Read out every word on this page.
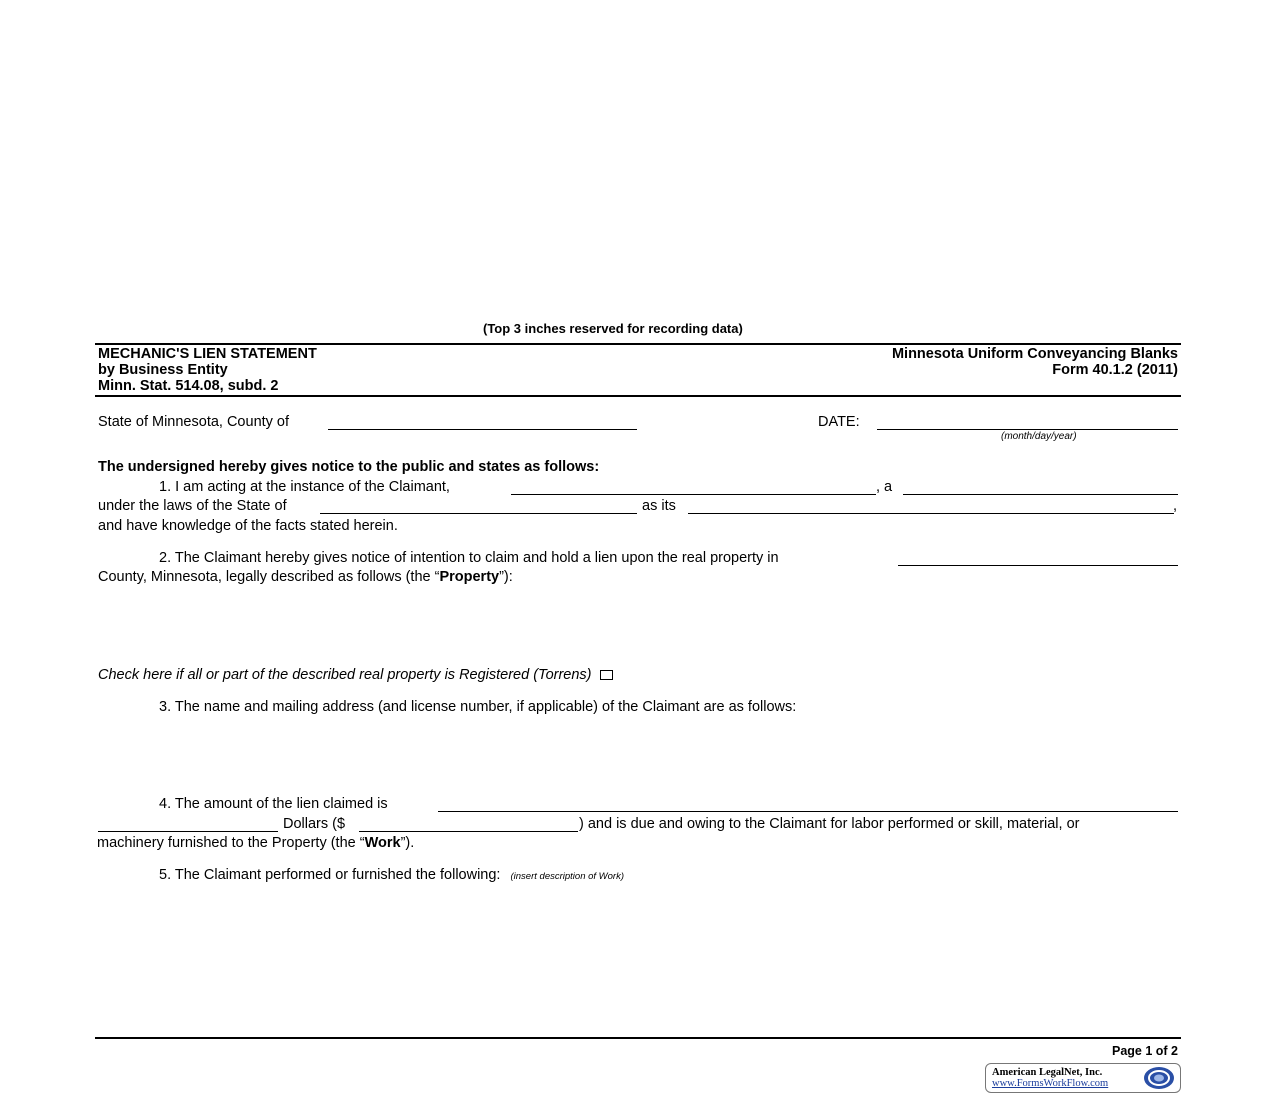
(Top 3 inches reserved for recording data)
MECHANIC'S LIEN STATEMENT
by Business Entity
Minn. Stat. 514.08, subd. 2
Minnesota Uniform Conveyancing Blanks
Form 40.1.2 (2011)
State of Minnesota, County of	DATE:
(month/day/year)
The undersigned hereby gives notice to the public and states as follows:
1. I am acting at the instance of the Claimant,	, a
under the laws of the State of	as its	,
and have knowledge of the facts stated herein.
2. The Claimant hereby gives notice of intention to claim and hold a lien upon the real property in
County, Minnesota, legally described as follows (the “Property”):
Check here if all or part of the described real property is Registered (Torrens)
3. The name and mailing address (and license number, if applicable) of the Claimant are as follows:
4. The amount of the lien claimed is
Dollars ($	) and is due and owing to the Claimant for labor performed or skill, material, or
machinery furnished to the Property (the “Work”).
5. The Claimant performed or furnished the following: (insert description of Work)
Page 1 of 2
American LegalNet, Inc.
www.FormsWorkFlow.com
